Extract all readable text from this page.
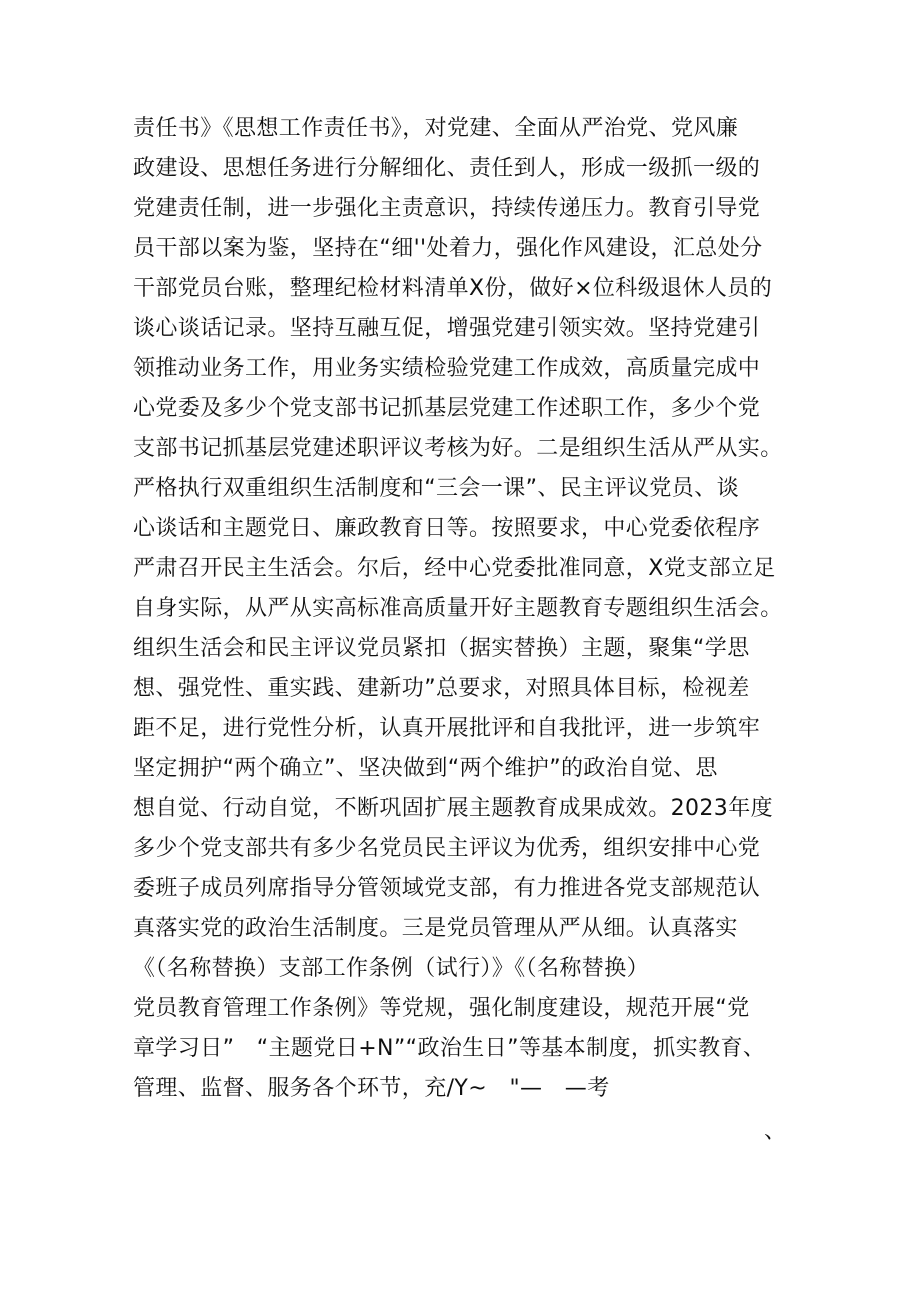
责任书》《思想工作责任书》，对党建、全面从严治党、党风廉
政建设、思想任务进行分解细化、责任到人，形成一级抓一级的
党建责任制，进一步强化主责意识，持续传递压力。教育引导党
员干部以案为鉴，坚持在“细''处着力，强化作风建设，汇总处分
干部党员台账，整理纪检材料清单X份，做好×位科级退休人员的
谈心谈话记录。坚持互融互促，增强党建引领实效。坚持党建引
领推动业务工作，用业务实绩检验党建工作成效，高质量完成中
心党委及多少个党支部书记抓基层党建工作述职工作，多少个党
支部书记抓基层党建述职评议考核为好。二是组织生活从严从实。
严格执行双重组织生活制度和“三会一课”、民主评议党员、谈
心谈话和主题党日、廉政教育日等。按照要求，中心党委依程序
严肃召开民主生活会。尔后，经中心党委批准同意，X党支部立足
自身实际，从严从实高标准高质量开好主题教育专题组织生活会。
组织生活会和民主评议党员紧扣（据实替换）主题，聚集“学思
想、强党性、重实践、建新功”总要求，对照具体目标，检视差
距不足，进行党性分析，认真开展批评和自我批评，进一步筑牢
坚定拥护“两个确立”、坚决做到“两个维护”的政治自觉、思
想自觉、行动自觉，不断巩固扩展主题教育成果成效。2023年度
多少个党支部共有多少名党员民主评议为优秀，组织安排中心党
委班子成员列席指导分管领域党支部，有力推进各党支部规范认
真落实党的政治生活制度。三是党员管理从严从细。认真落实
《（名称替换）支部工作条例（试行）》《（名称替换）
党员教育管理工作条例》等党规，强化制度建设，规范开展“党
章学习日”　“主题党日+N”“政治生日”等基本制度，抓实教育、
管理、监督、服务各个环节，充/Y~　"—　—考
、
